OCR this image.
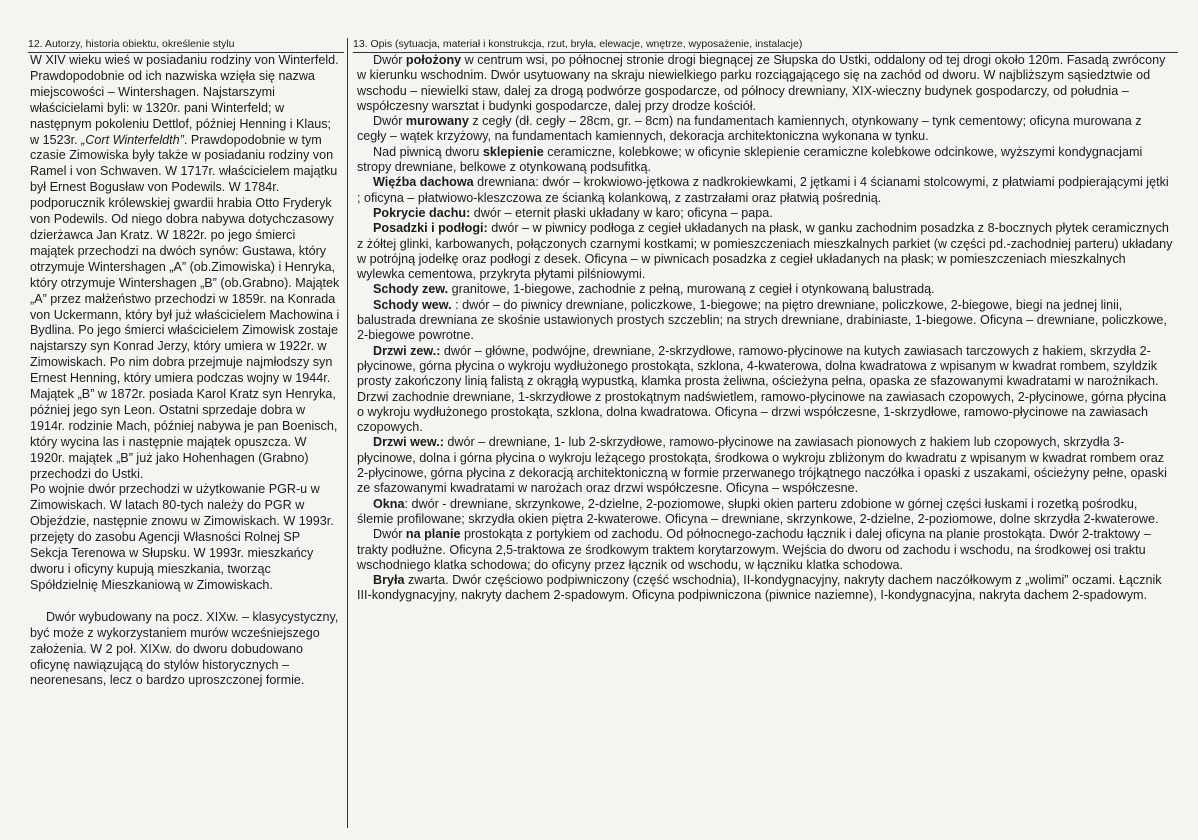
12. Autorzy, historia obiektu, określenie stylu

W XIV wieku wieś w posiadaniu rodziny von Winterfeld. Prawdopodobnie od ich nazwiska wzięła się nazwa miejscowości – Wintershagen. Najstarszymi właścicielami byli: w 1320r. pani Winterfeld; w następnym pokoleniu Dettlof, później Henning i Klaus; w 1523r. „Cort Winterfeldth”. Prawdopodobnie w tym czasie Zimowiska były także w posiadaniu rodziny von Ramel i von Schwaven. W 1717r. właścicielem majątku był Ernest Bogusław von Podewils. W 1784r. podporucznik królewskiej gwardii hrabia Otto Fryderyk von Podewils. Od niego dobra nabywa dotychczasowy dzierżawca Jan Kratz. W 1822r. po jego śmierci majątek przechodzi na dwóch synów: Gustawa, który otrzymuje Wintershagen „A” (ob.Zimowiska) i Henryka, który otrzymuje Wintershagen „B” (ob.Grabno). Majątek „A” przez małżeństwo przechodzi w 1859r. na Konrada von Uckermann, który był już właścicielem Machowina i Bydlina. Po jego śmierci właścicielem Zimowisk zostaje najstarszy syn Konrad Jerzy, który umiera w 1922r. w Zimowiskach. Po nim dobra przejmuje najmłodszy syn Ernest Henning, który umiera podczas wojny w 1944r.

Majątek „B” w 1872r. posiada Karol Kratz syn Henryka, później jego syn Leon. Ostatni sprzedaje dobra w 1914r. rodzinie Mach, później nabywa je pan Boenisch, który wycina las i następnie majątek opuszcza. W 1920r. majątek „B” już jako Hohenhagen (Grabno) przechodzi do Ustki.

Po wojnie dwór przechodzi w użytkowanie PGR-u w Zimowiskach. W latach 80-tych należy do PGR w Objeździe, następnie znowu w Zimowiskach. W 1993r. przejęty do zasobu Agencji Własności Rolnej SP Sekcja Terenowa w Słupsku. W 1993r. mieszkańcy dworu i oficyny kupują mieszkania, tworząc Spółdzielnię Mieszkaniową w Zimowiskach.

Dwór wybudowany na pocz. XIXw. – klasycystyczny, być może z wykorzystaniem murów wcześniejszego założenia. W 2 poł. XIXw. do dworu dobudowano oficynę nawiązującą do stylów historycznych – neorenesans, lecz o bardzo uproszczonej formie.

13. Opis (sytuacja, materiał i konstrukcja, rzut, bryła, elewacje, wnętrze, wyposażenie, instalacje)

Dwór położony w centrum wsi, po północnej stronie drogi biegnącej ze Słupska do Ustki, oddalony od tej drogi około 120m. Fasadą zwrócony w kierunku wschodnim. Dwór usytuowany na skraju niewielkiego parku rozciągającego się na zachód od dworu. W najbliższym sąsiedztwie od wschodu – niewielki staw, dalej za drogą podwórze gospodarcze, od północy drewniany, XIX-wieczny budynek gospodarczy, od południa – współczesny warsztat i budynki gospodarcze, dalej przy drodze kościół.

Dwór murowany z cegły (dł. cegły – 28cm, gr. – 8cm) na fundamentach kamiennych, otynkowany – tynk cementowy; oficyna murowana z cegły – wątek krzyżowy, na fundamentach kamiennych, dekoracja architektoniczna wykonana w tynku.

Nad piwnicą dworu sklepienie ceramiczne, kolebkowe; w oficynie sklepienie ceramiczne kolebkowe odcinkowe, wyższymi kondygnacjami stropy drewniane, belkowe z otynkowaną podsufitką.

Więźba dachowa drewniana: dwór – krokwiowo-jętkowa z nadkrokiewkami, 2 jętkami i 4 ścianami stolcowymi, z płatwiami podpierającymi jętki ; oficyna – płatwiowo-kleszczowa ze ścianką kolankową, z zastrzałami oraz płatwią pośrednią.

Pokrycie dachu: dwór – eternit płaski układany w karo; oficyna – papa.

Posadzki i podłogi: dwór – w piwnicy podłoga z cegieł układanych na płask, w ganku zachodnim posadzka z 8-bocznych płytek ceramicznych z żółtej glinki, karbowanych, połączonych czarnymi kostkami; w pomieszczeniach mieszkalnych parkiet (w części pd.-zachodniej parteru) układany w potrójną jodełkę oraz podłogi z desek. Oficyna – w piwnicach posadzka z cegieł układanych na płask; w pomieszczeniach mieszkalnych wylewka cementowa, przykryta płytami pilśniowymi.

Schody zew. granitowe, 1-biegowe, zachodnie z pełną, murowaną z cegieł i otynkowaną balustradą.

Schody wew. : dwór – do piwnicy drewniane, policzkowe, 1-biegowe; na piętro drewniane, policzkowe, 2-biegowe, biegi na jednej linii, balustrada drewniana ze skośnie ustawionych prostych szczeblin; na strych drewniane, drabiniaste, 1-biegowe. Oficyna – drewniane, policzkowe, 2-biegowe powrotne.

Drzwi zew.: dwór – główne, podwójne, drewniane, 2-skrzydłowe, ramowo-płycinowe na kutych zawiasach tarczowych z hakiem, skrzydła 2-płycinowe, górna płycina o wykroju wydłużonego prostokąta, szklona, 4-kwaterowa, dolna kwadratowa z wpisanym w kwadrat rombem, szyldzik prosty zakończony linią falistą z okrągłą wypustką, klamka prosta żeliwna, ościeżyna pełna, opaska ze sfazowanymi kwadratami w narożnikach. Drzwi zachodnie drewniane, 1-skrzydłowe z prostokątnym nadświetlem, ramowo-płycinowe na zawiasach czopowych, 2-płycinowe, górna płycina o wykroju wydłużonego prostokąta, szklona, dolna kwadratowa. Oficyna – drzwi współczesne, 1-skrzydłowe, ramowo-płycinowe na zawiasach czopowych.

Drzwi wew.: dwór – drewniane, 1- lub 2-skrzydłowe, ramowo-płycinowe na zawiasach pionowych z hakiem lub czopowych, skrzydła 3-płycinowe, dolna i górna płycina o wykroju leżącego prostokąta, środkowa o wykroju zbliżonym do kwadratu z wpisanym w kwadrat rombem oraz 2-płycinowe, górna płycina z dekoracją architektoniczną w formie przerwanego trójkątnego naczółka i opaski z uszakami, ościeżyny pełne, opaski ze sfazowanymi kwadratami w narożach oraz drzwi współczesne. Oficyna – współczesne.

Okna: dwór - drewniane, skrzynkowe, 2-dzielne, 2-poziomowe, słupki okien parteru zdobione w górnej części łuskami i rozetką pośrodku, ślemie profilowane; skrzydła okien piętra 2-kwaterowe. Oficyna – drewniane, skrzynkowe, 2-dzielne, 2-poziomowe, dolne skrzydła 2-kwaterowe.

Dwór na planie prostokąta z portykiem od zachodu. Od północnego-zachodu łącznik i dalej oficyna na planie prostokąta. Dwór 2-traktowy – trakty podłużne. Oficyna 2,5-traktowa ze środkowym traktem korytarzowym. Wejścia do dworu od zachodu i wschodu, na środkowej osi traktu wschodniego klatka schodowa; do oficyny przez łącznik od wschodu, w łączniku klatka schodowa.

Bryła zwarta. Dwór częściowo podpiwniczony (część wschodnia), II-kondygnacyjny, nakryty dachem naczółkowym z „wolimi” oczami. Łącznik III-kondygnacyjny, nakryty dachem 2-spadowym. Oficyna podpiwniczona (piwnice naziemne), I-kondygnacyjna, nakryta dachem 2-spadowym.
